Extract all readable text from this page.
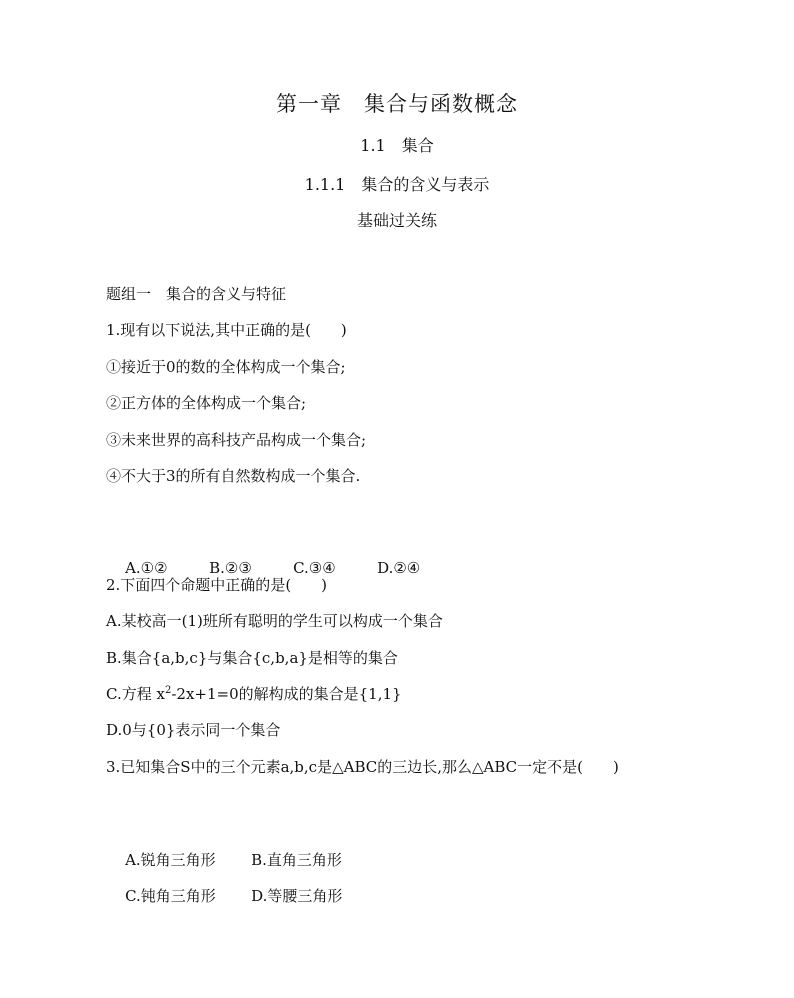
第一章　集合与函数概念
1.1　集合
1.1.1　集合的含义与表示
基础过关练
题组一　集合的含义与特征
1.现有以下说法,其中正确的是(　　)
①接近于0的数的全体构成一个集合;
②正方体的全体构成一个集合;
③未来世界的高科技产品构成一个集合;
④不大于3的所有自然数构成一个集合.

A.①②	B.②③	C.③④	D.②④

2.下面四个命题中正确的是(　　)
A.某校高一(1)班所有聪明的学生可以构成一个集合
B.集合{a,b,c}与集合{c,b,a}是相等的集合
C.方程 $x^2-2x+1=0$的解构成的集合是{1,1}
D.0与{0}表示同一个集合
3.已知集合S中的三个元素a,b,c是△ABC的三边长,那么△ABC一定不是(　　)

A.锐角三角形 B.直角三角形

C.钝角三角形 D.等腰三角形
